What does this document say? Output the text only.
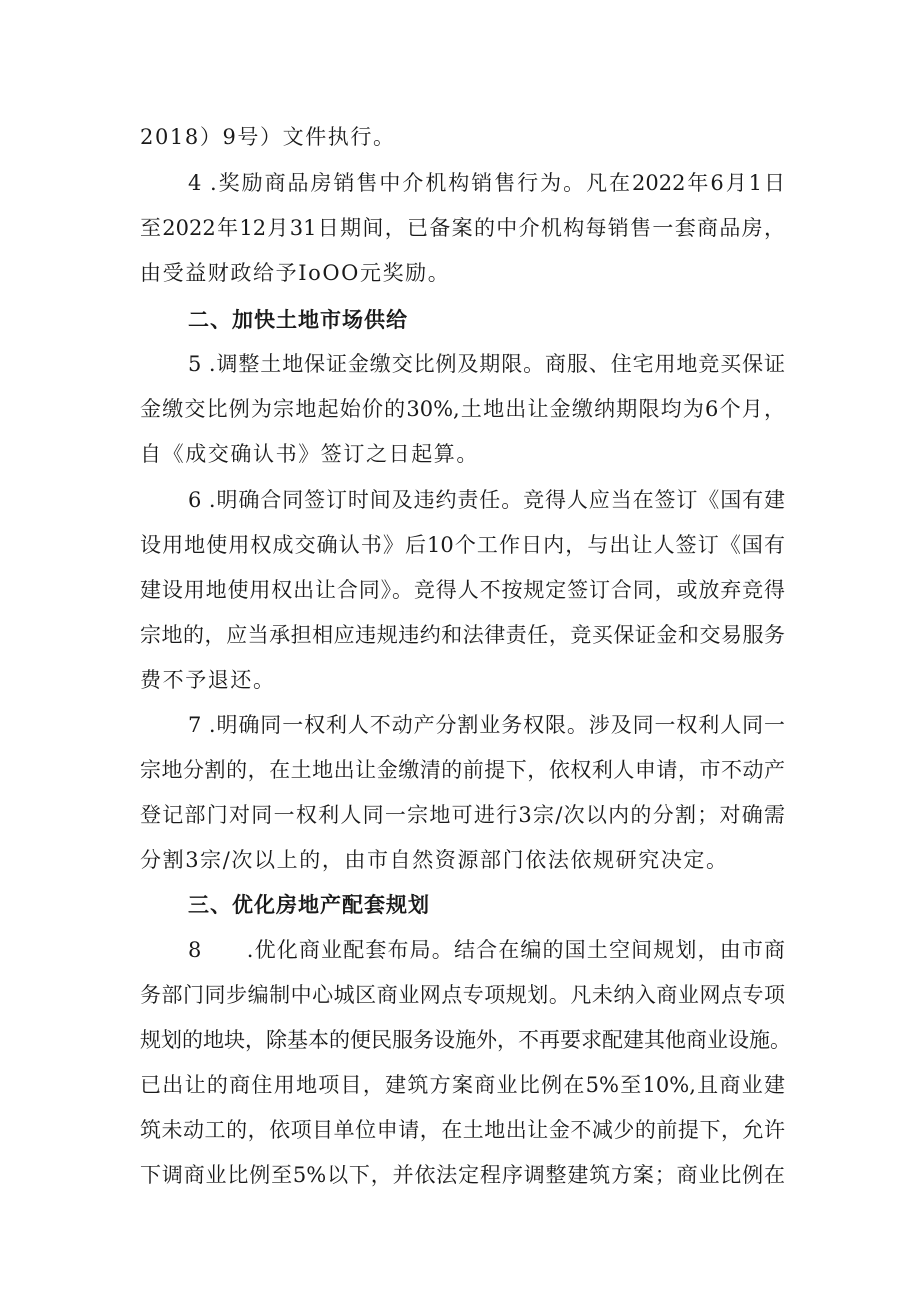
2018）9号）文件执行。
4 .奖励商品房销售中介机构销售行为。凡在2022年6月1日
至2022年12月31日期间，已备案的中介机构每销售一套商品房，
由受益财政给予IoOO元奖励。
二、加快土地市场供给
5 .调整土地保证金缴交比例及期限。商服、住宅用地竞买保证
金缴交比例为宗地起始价的30%,土地出让金缴纳期限均为6个月，
自《成交确认书》签订之日起算。
6 .明确合同签订时间及违约责任。竞得人应当在签订《国有建
设用地使用权成交确认书》后10个工作日内，与出让人签订《国有
建设用地使用权出让合同》。竞得人不按规定签订合同，或放弃竞得
宗地的，应当承担相应违规违约和法律责任，竞买保证金和交易服务
费不予退还。
7 .明确同一权利人不动产分割业务权限。涉及同一权利人同一
宗地分割的，在土地出让金缴清的前提下，依权利人申请，市不动产
登记部门对同一权利人同一宗地可进行3宗/次以内的分割；对确需
分割3宗/次以上的，由市自然资源部门依法依规研究决定。
三、优化房地产配套规划
8　　.优化商业配套布局。结合在编的国土空间规划，由市商
务部门同步编制中心城区商业网点专项规划。凡未纳入商业网点专项
规划的地块，除基本的便民服务设施外，不再要求配建其他商业设施。
已出让的商住用地项目，建筑方案商业比例在5%至10%,且商业建
筑未动工的，依项目单位申请，在土地出让金不减少的前提下，允许
下调商业比例至5%以下，并依法定程序调整建筑方案；商业比例在
